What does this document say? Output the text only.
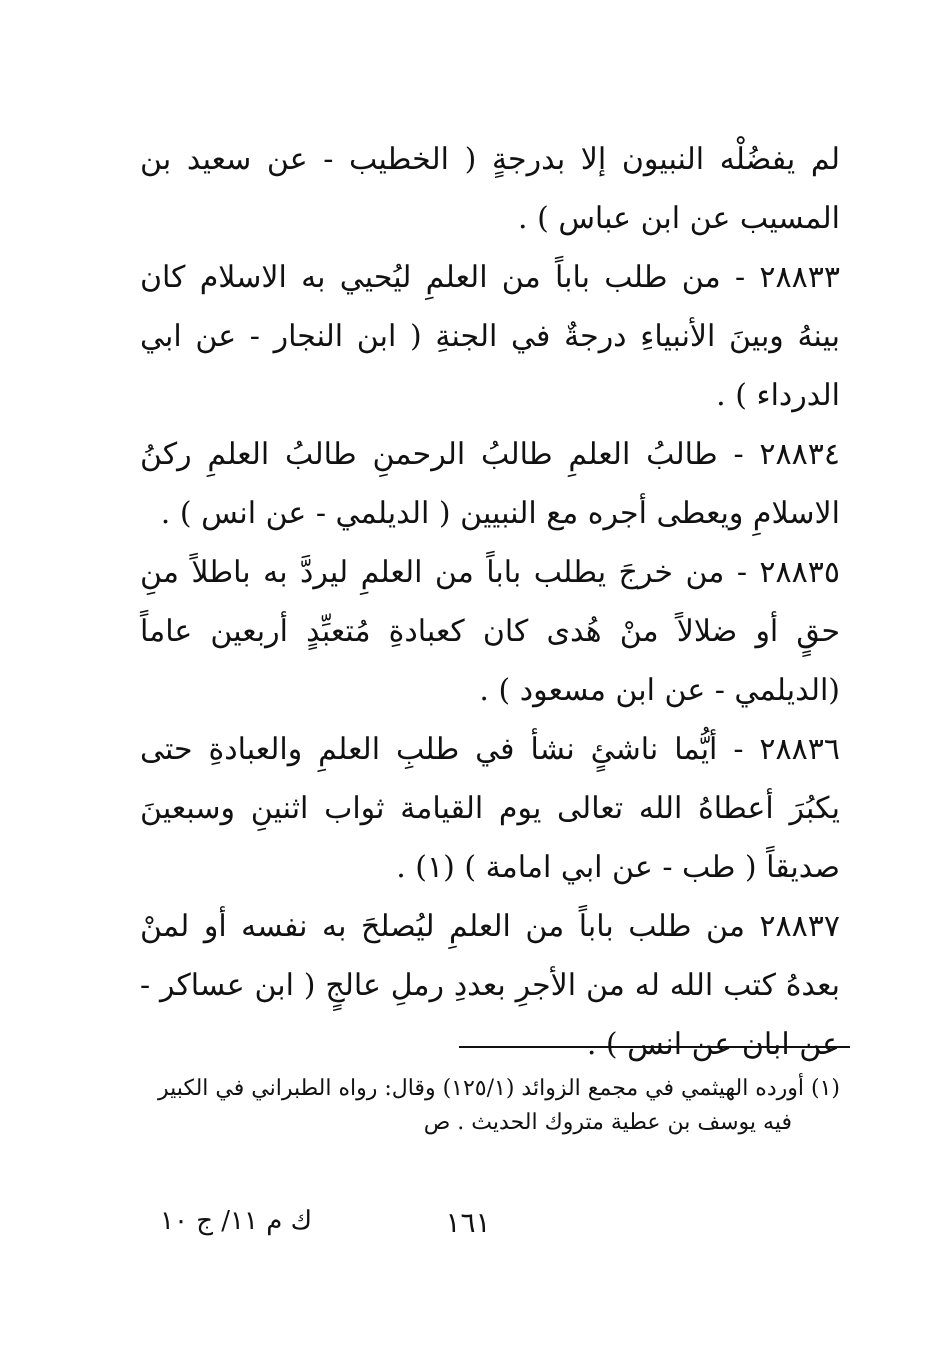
لم يفضُلْه النبيون إلا بدرجةٍ ( الخطيب - عن سعيد بن المسيب عن ابن عباس ) .

٢٨٨٣٣ - من طلب باباً من العلمِ ليُحيي به الاسلام كان بينهُ وبينَ الأنبياءِ درجةٌ في الجنةِ ( ابن النجار - عن ابي الدرداء ) .

٢٨٨٣٤ - طالبُ العلمِ طالبُ الرحمنِ طالبُ العلمِ ركنُ الاسلامِ ويعطى أجره مع النبيين ( الديلمي - عن انس ) .

٢٨٨٣٥ - من خرجَ يطلب باباً من العلمِ ليردَّ به باطلاً منِ حقٍ أو ضلالاً منْ هُدى كان كعبادةِ مُتعبِّدٍ أربعين عاماً (الديلمي - عن ابن مسعود ) .

٢٨٨٣٦ - أيُّما ناشئٍ نشأ في طلبِ العلمِ والعبادةِ حتى يكبُرَ أعطاهُ الله تعالى يوم القيامة ثواب اثنينِ وسبعينَ صديقاً ( طب - عن ابي امامة ) (١) .

٢٨٨٣٧ من طلب باباً من العلمِ ليُصلحَ به نفسه أو لمنْ بعدهُ كتب الله له من الأجرِ بعددِ رملِ عالجٍ ( ابن عساكر - عن ابان عن انس ) .

(١) أورده الهيثمي في مجمع الزوائد (١٢٥/١) وقال: رواه الطبراني في الكبير
فيه يوسف بن عطية متروك الحديث . ص
١٦١
ك م ١١/ ج ١٠
